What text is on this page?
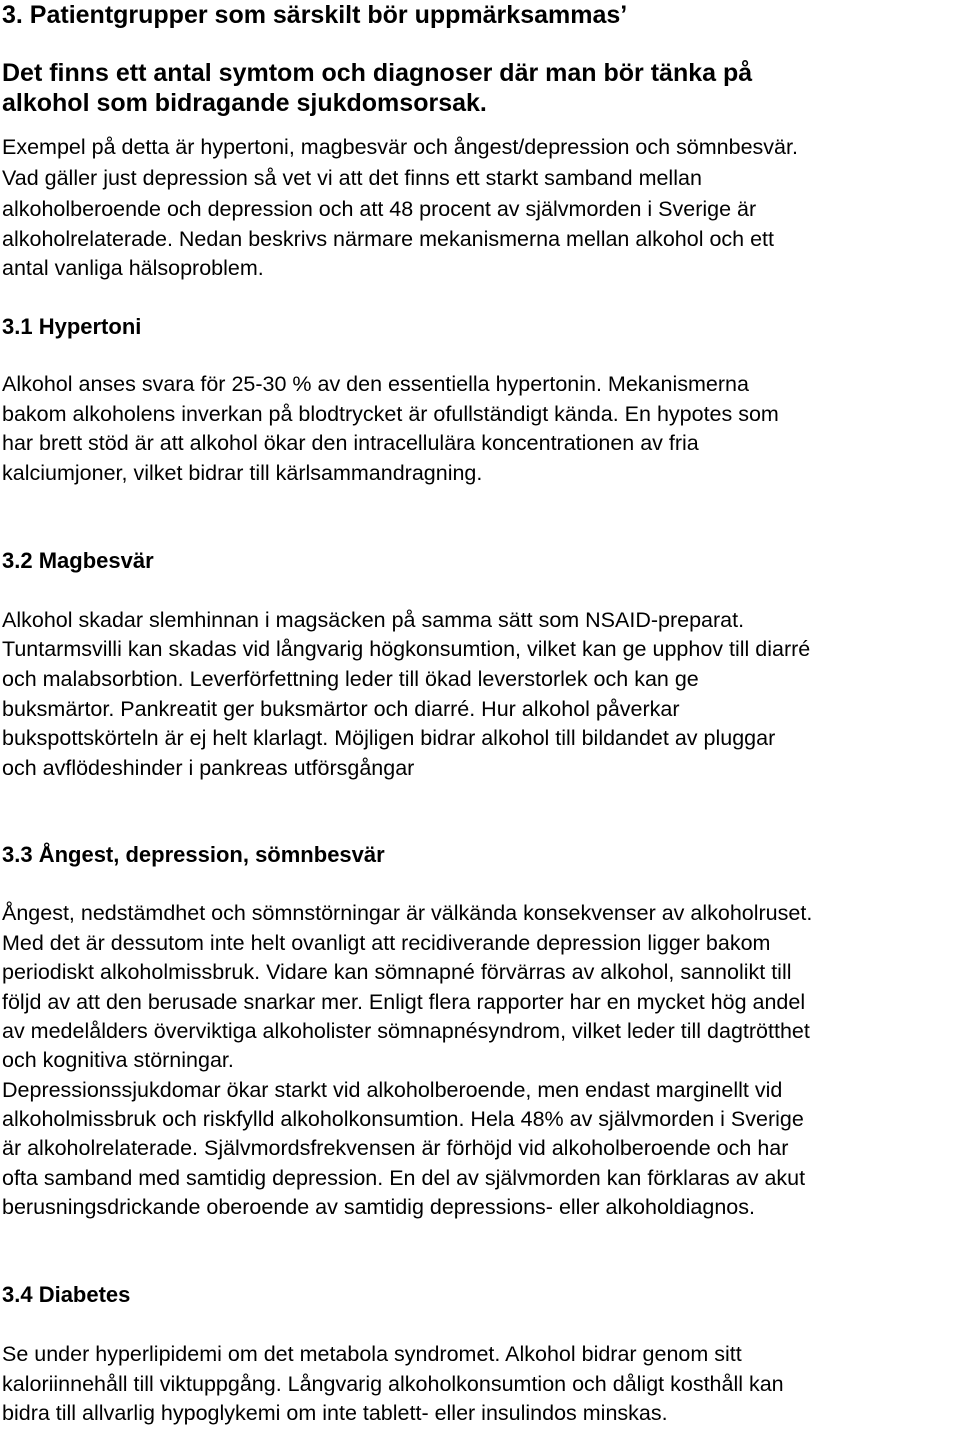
3. Patientgrupper som särskilt bör uppmärksammas’
Det finns ett antal symtom och diagnoser där man bör tänka på
alkohol som bidragande sjukdomsorsak.
Exempel på detta är hypertoni, magbesvär och ångest/depression och sömnbesvär.
Vad gäller just depression så vet vi att det finns ett starkt samband mellan
alkoholberoende och depression och att 48 procent av självmorden i Sverige är
alkoholrelaterade. Nedan beskrivs närmare mekanismerna mellan alkohol och ett
antal vanliga hälsoproblem.
3.1 Hypertoni
Alkohol anses svara för 25-30 % av den essentiella hypertonin. Mekanismerna
bakom alkoholens inverkan på blodtrycket är ofullständigt kända. En hypotes som
har brett stöd är att alkohol ökar den intracellulära koncentrationen av fria
kalciumjoner, vilket bidrar till kärlsammandragning.
3.2 Magbesvär
Alkohol skadar slemhinnan i magsäcken på samma sätt som NSAID-preparat.
Tuntarmsvilli kan skadas vid långvarig högkonsumtion, vilket kan ge upphov till diarré
och malabsorbtion. Leverförfettning leder till ökad leverstorlek och kan ge
buksmärtor. Pankreatit ger buksmärtor och diarré. Hur alkohol påverkar
bukspottskörteln är ej helt klarlagt. Möjligen bidrar alkohol till bildandet av pluggar
och avflödeshinder i pankreas utförsgångar
3.3 Ångest, depression, sömnbesvär
Ångest, nedstämdhet och sömnstörningar är välkända konsekvenser av alkoholruset.
Med det är dessutom inte helt ovanligt att recidiverande depression ligger bakom
periodiskt alkoholmissbruk. Vidare kan sömnapné förvärras av alkohol, sannolikt till
följd av att den berusade snarkar mer. Enligt flera rapporter har en mycket hög andel
av medelålders överviktiga alkoholister sömnapnésyndrom, vilket leder till dagtrötthet
och kognitiva störningar.
Depressionssjukdomar ökar starkt vid alkoholberoende, men endast marginellt vid
alkoholmissbruk och riskfylld alkoholkonsumtion. Hela 48% av självmorden i Sverige
är alkoholrelaterade. Självmordsfrekvensen är förhöjd vid alkoholberoende och har
ofta samband med samtidig depression. En del av självmorden kan förklaras av akut
berusningsdrickande oberoende av samtidig depressions- eller alkoholdiagnos.
3.4 Diabetes
Se under hyperlipidemi om det metabola syndromet. Alkohol bidrar genom sitt
kaloriinnehåll till viktuppgång. Långvarig alkoholkonsumtion och dåligt kosthåll kan
bidra till allvarlig hypoglykemi om inte tablett- eller insulindos minskas.
